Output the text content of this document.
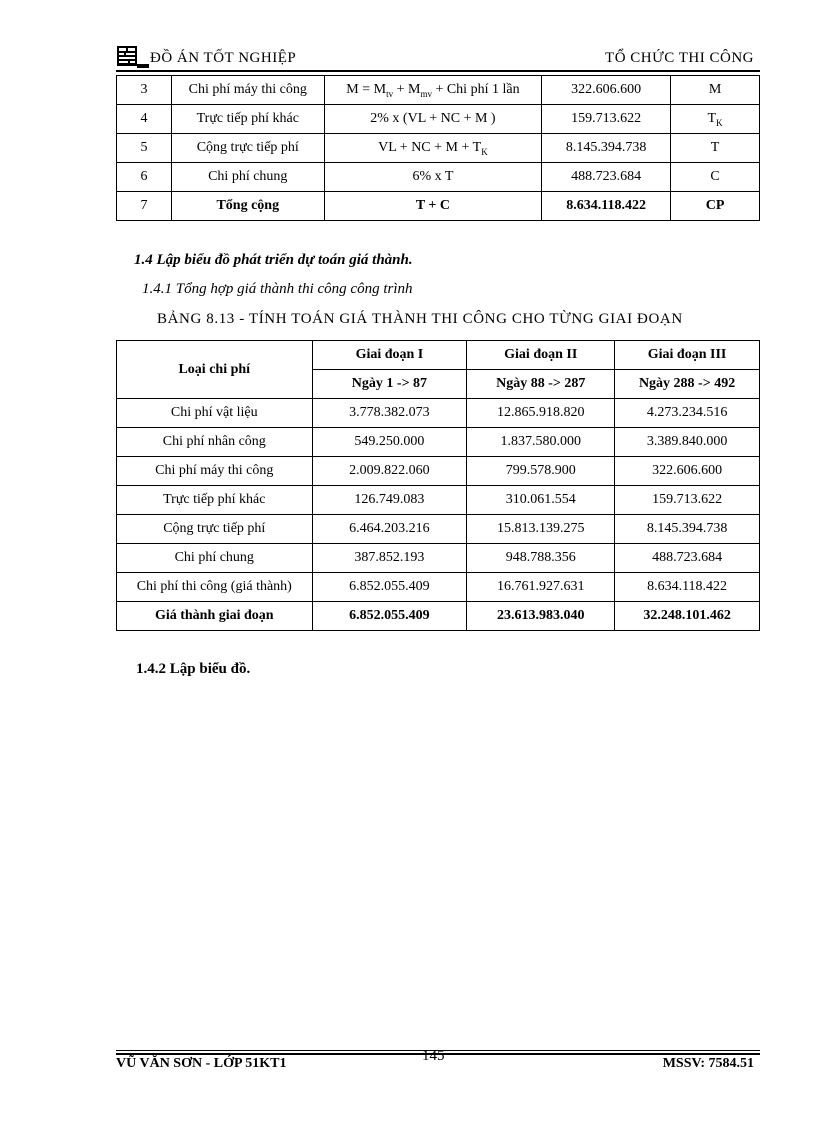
ĐỒ ÁN TỐT NGHIỆP	TỔ CHỨC THI CÔNG
3	Chi phí máy thi công	$M = M_{tv} + M_{mv}$ + Chi phí 1 lần	322.606.600	M
4	Trực tiếp phí khác	2% x (VL + NC + M )	159.713.622	$T_K$
5	Cộng trực tiếp phí	VL + NC + $M + T_K$	8.145.394.738	T
6	Chi phí chung	6% x T	488.723.684	C
7	Tổng cộng	T + C	8.634.118.422	CP
1.4 Lập biểu đồ phát triển dự toán giá thành.
1.4.1 Tổng hợp giá thành thi công công trình
BẢNG 8.13 - TÍNH TOÁN GIÁ THÀNH THI CÔNG CHO TỪNG GIAI ĐOẠN
Loại chi phí	Giai đoạn I	Giai đoạn II	Giai đoạn III
	Ngày 1 -> 87	Ngày 88 -> 287	Ngày 288 -> 492
Chi phí vật liệu	3.778.382.073	12.865.918.820	4.273.234.516
Chi phí nhân công	549.250.000	1.837.580.000	3.389.840.000
Chi phí máy thi công	2.009.822.060	799.578.900	322.606.600
Trực tiếp phí khác	126.749.083	310.061.554	159.713.622
Cộng trực tiếp phí	6.464.203.216	15.813.139.275	8.145.394.738
Chi phí chung	387.852.193	948.788.356	488.723.684
Chi phí thi công (giá thành)	6.852.055.409	16.761.927.631	8.634.118.422
Giá thành giai đoạn	6.852.055.409	23.613.983.040	32.248.101.462
1.4.2 Lập biểu đồ.
VŨ VĂN SƠN - LỚP 51KT1	145	MSSV: 7584.51
